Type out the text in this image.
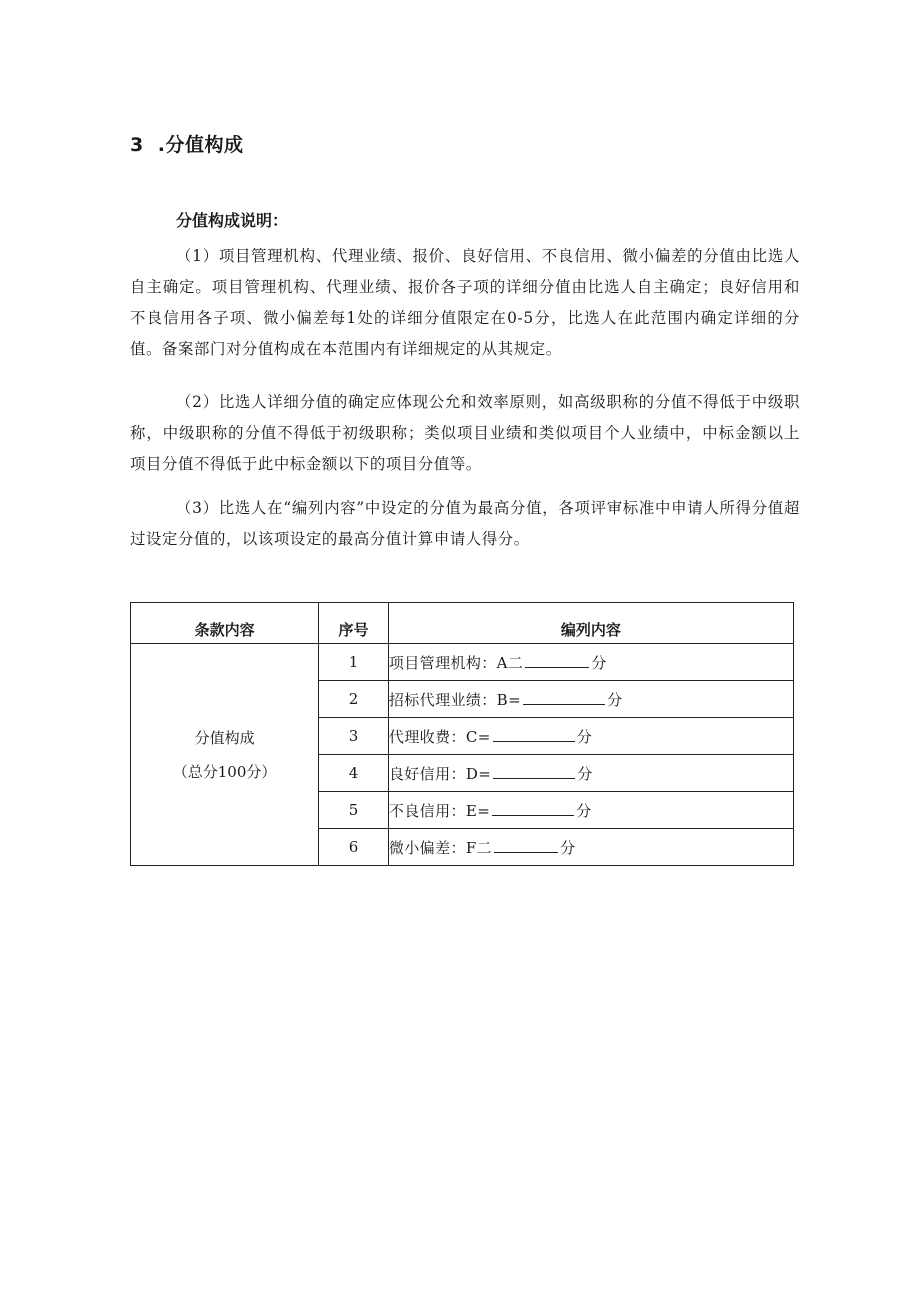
3 .分值构成
分值构成说明：

（1）项目管理机构、代理业绩、报价、良好信用、不良信用、微小偏差的分值由比选人自主确定。项目管理机构、代理业绩、报价各子项的详细分值由比选人自主确定；良好信用和不良信用各子项、微小偏差每1处的详细分值限定在0-5分，比选人在此范围内确定详细的分值。备案部门对分值构成在本范围内有详细规定的从其规定。

（2）比选人详细分值的确定应体现公允和效率原则，如高级职称的分值不得低于中级职称，中级职称的分值不得低于初级职称；类似项目业绩和类似项目个人业绩中，中标金额以上项目分值不得低于此中标金额以下的项目分值等。

（3）比选人在“编列内容”中设定的分值为最高分值，各项评审标准中申请人所得分值超过设定分值的，以该项设定的最高分值计算申请人得分。

条款内容	序号	编列内容

分值构成
（总分100分）	1	项目管理机构：A二 分
	2	招标代理业绩：B= 分
	3	代理收费：C= 分
	4	良好信用：D= 分
	5	不良信用：E= 分
	6	微小偏差：F二 分
